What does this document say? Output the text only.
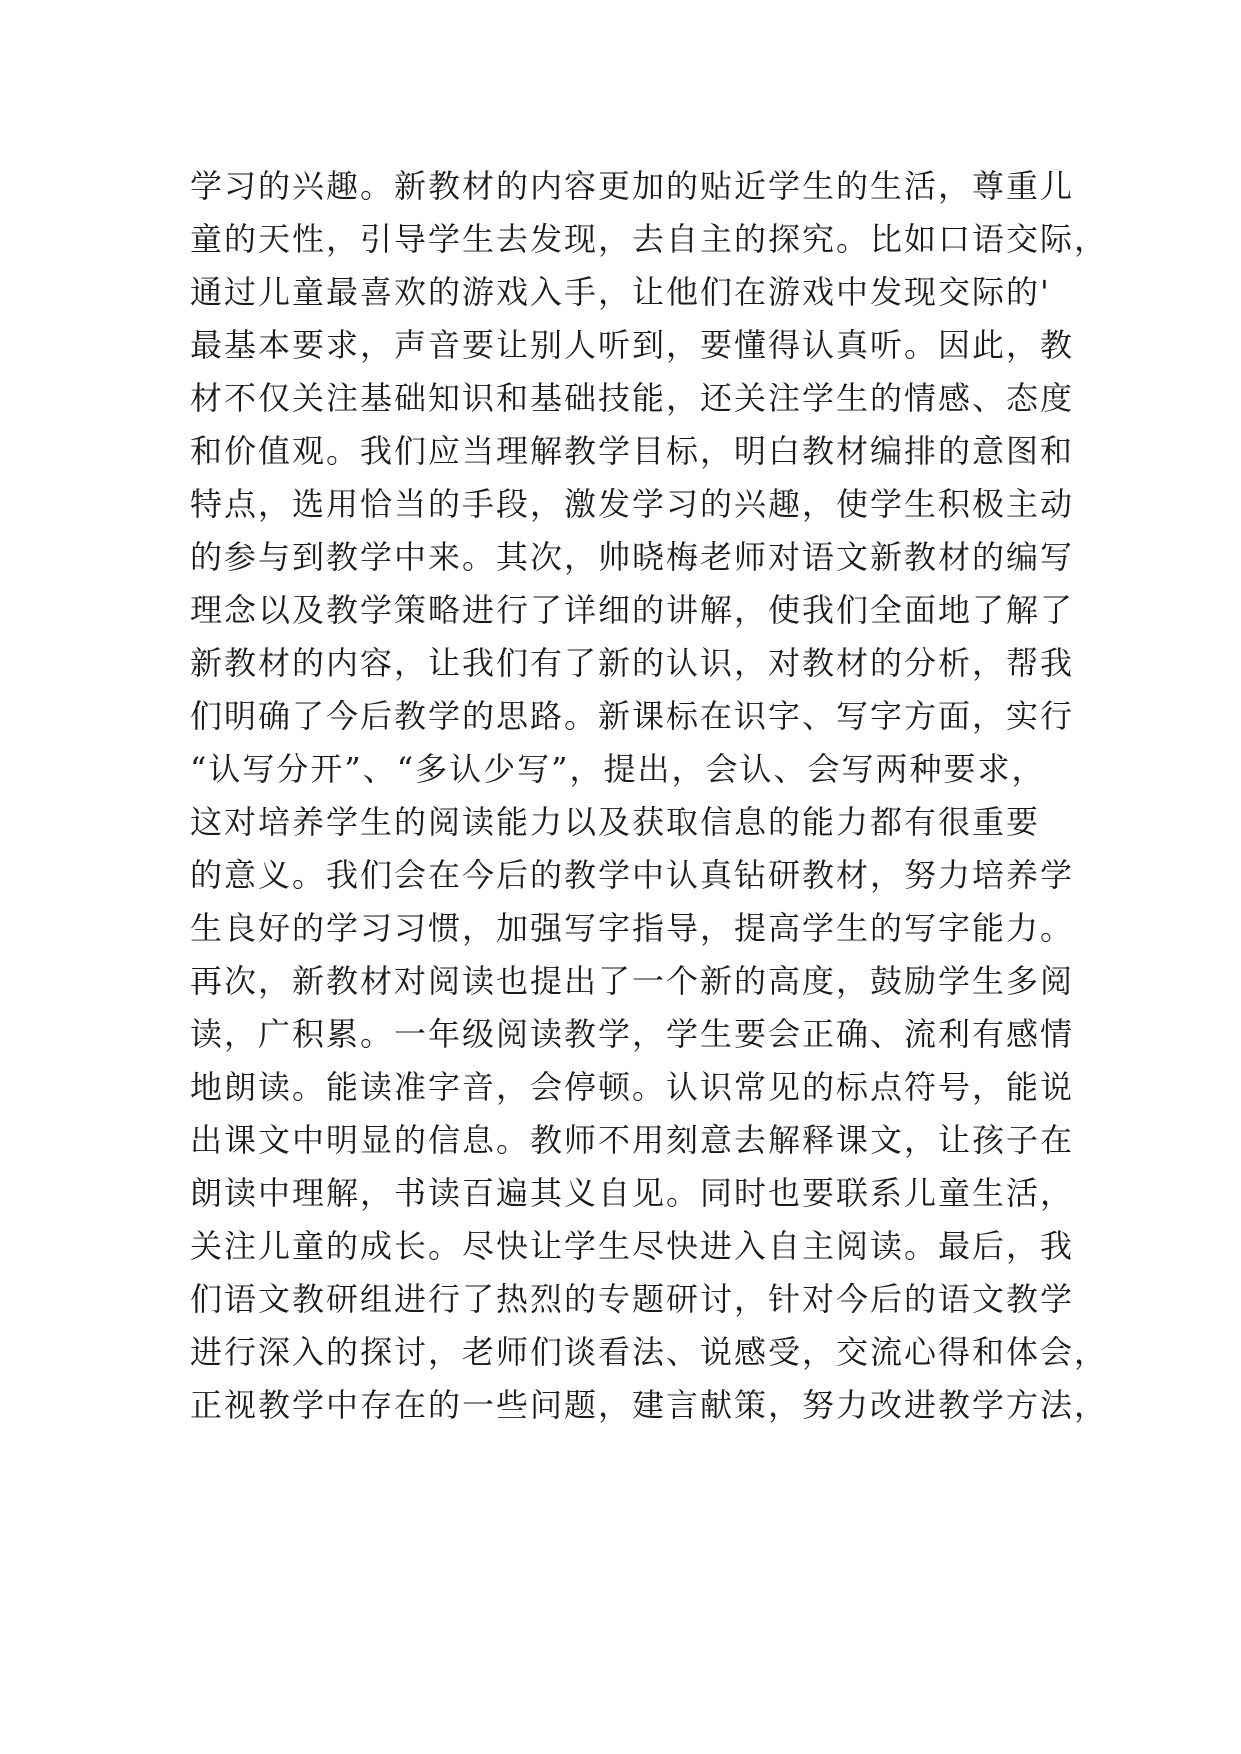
学习的兴趣。新教材的内容更加的贴近学生的生活，尊重儿
童的天性，引导学生去发现，去自主的探究。比如口语交际，
通过儿童最喜欢的游戏入手，让他们在游戏中发现交际的'
最基本要求，声音要让别人听到，要懂得认真听。因此，教
材不仅关注基础知识和基础技能，还关注学生的情感、态度
和价值观。我们应当理解教学目标，明白教材编排的意图和
特点，选用恰当的手段，激发学习的兴趣，使学生积极主动
的参与到教学中来。其次，帅晓梅老师对语文新教材的编写
理念以及教学策略进行了详细的讲解，使我们全面地了解了
新教材的内容，让我们有了新的认识，对教材的分析，帮我
们明确了今后教学的思路。新课标在识字、写字方面，实行
“认写分开”、“多认少写”，提出，会认、会写两种要求，
这对培养学生的阅读能力以及获取信息的能力都有很重要
的意义。我们会在今后的教学中认真钻研教材，努力培养学
生良好的学习习惯，加强写字指导，提高学生的写字能力。
再次，新教材对阅读也提出了一个新的高度，鼓励学生多阅
读，广积累。一年级阅读教学，学生要会正确、流利有感情
地朗读。能读准字音，会停顿。认识常见的标点符号，能说
出课文中明显的信息。教师不用刻意去解释课文，让孩子在
朗读中理解，书读百遍其义自见。同时也要联系儿童生活，
关注儿童的成长。尽快让学生尽快进入自主阅读。最后，我
们语文教研组进行了热烈的专题研讨，针对今后的语文教学
进行深入的探讨，老师们谈看法、说感受，交流心得和体会，
正视教学中存在的一些问题，建言献策，努力改进教学方法，
